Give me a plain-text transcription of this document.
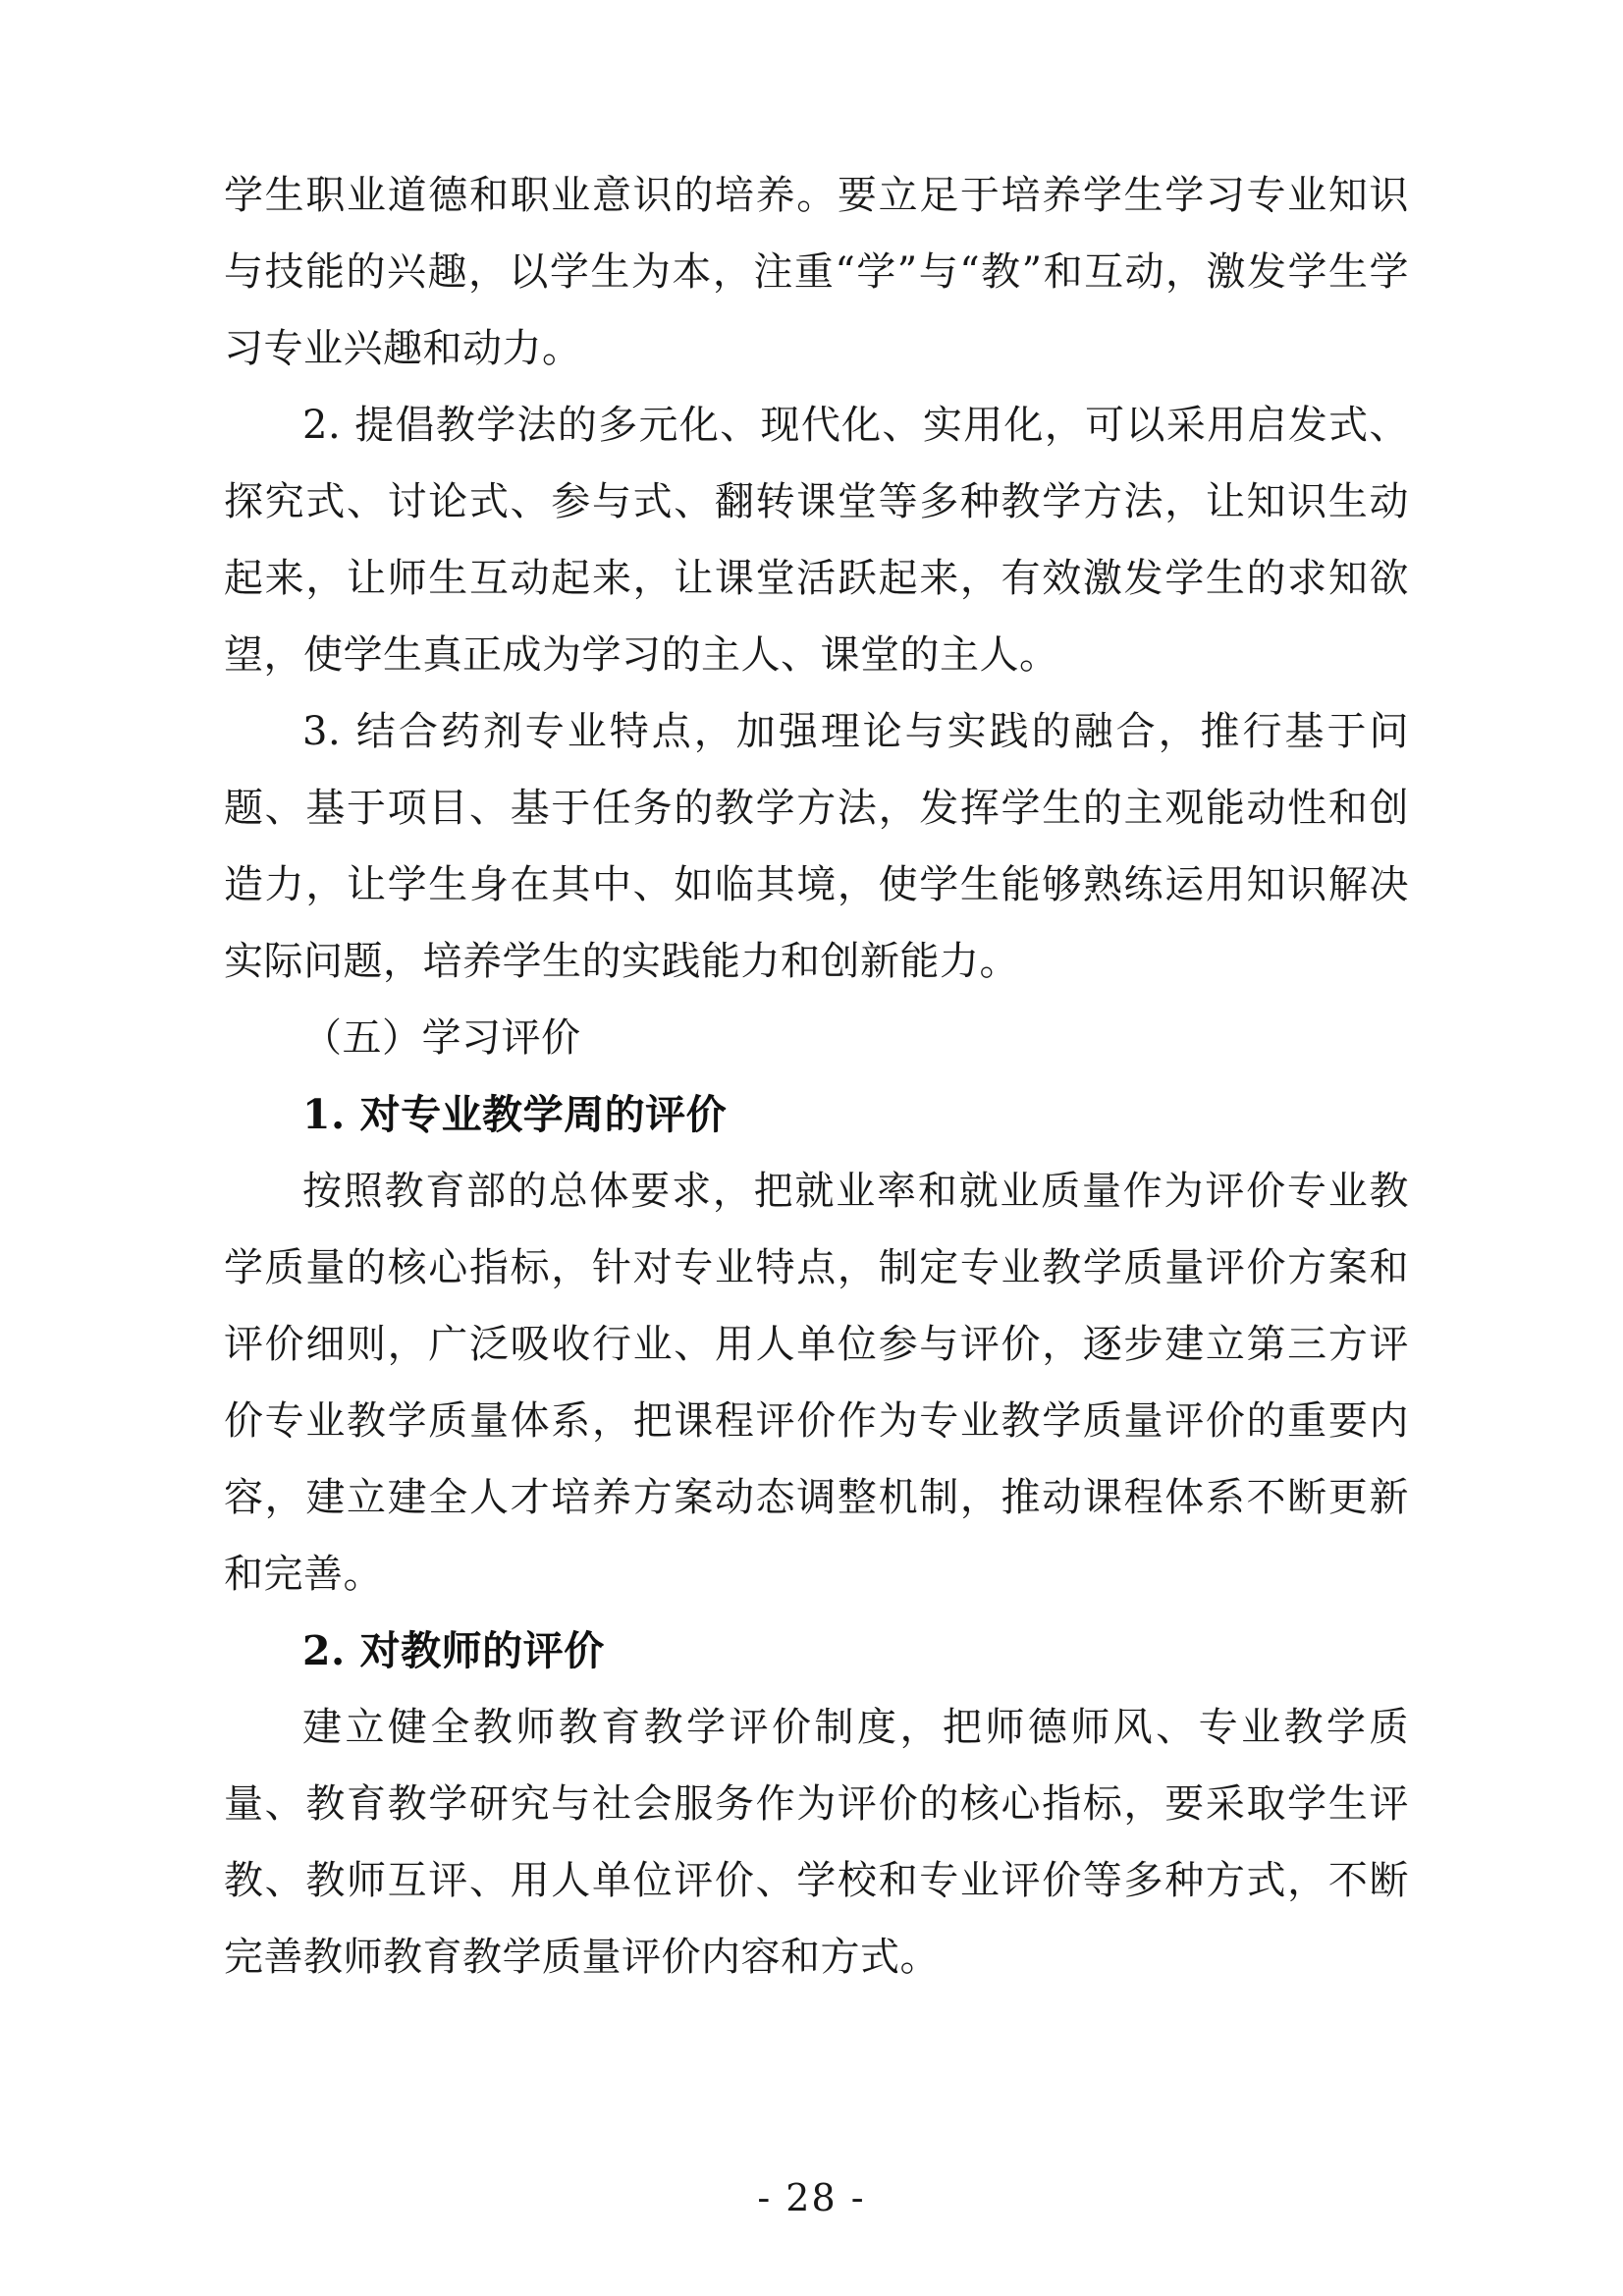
学生职业道德和职业意识的培养。要立足于培养学生学习专业知识与技能的兴趣，以学生为本，注重“学”与“教”和互动，激发学生学习专业兴趣和动力。

2. 提倡教学法的多元化、现代化、实用化，可以采用启发式、探究式、讨论式、参与式、翻转课堂等多种教学方法，让知识生动起来，让师生互动起来，让课堂活跃起来，有效激发学生的求知欲望，使学生真正成为学习的主人、课堂的主人。

3. 结合药剂专业特点，加强理论与实践的融合，推行基于问题、基于项目、基于任务的教学方法，发挥学生的主观能动性和创造力，让学生身在其中、如临其境，使学生能够熟练运用知识解决实际问题，培养学生的实践能力和创新能力。

（五）学习评价

1. 对专业教学周的评价

按照教育部的总体要求，把就业率和就业质量作为评价专业教学质量的核心指标，针对专业特点，制定专业教学质量评价方案和评价细则，广泛吸收行业、用人单位参与评价，逐步建立第三方评价专业教学质量体系，把课程评价作为专业教学质量评价的重要内容，建立建全人才培养方案动态调整机制，推动课程体系不断更新和完善。

2. 对教师的评价

建立健全教师教育教学评价制度，把师德师风、专业教学质量、教育教学研究与社会服务作为评价的核心指标，要采取学生评教、教师互评、用人单位评价、学校和专业评价等多种方式，不断完善教师教育教学质量评价内容和方式。

- 28 -
